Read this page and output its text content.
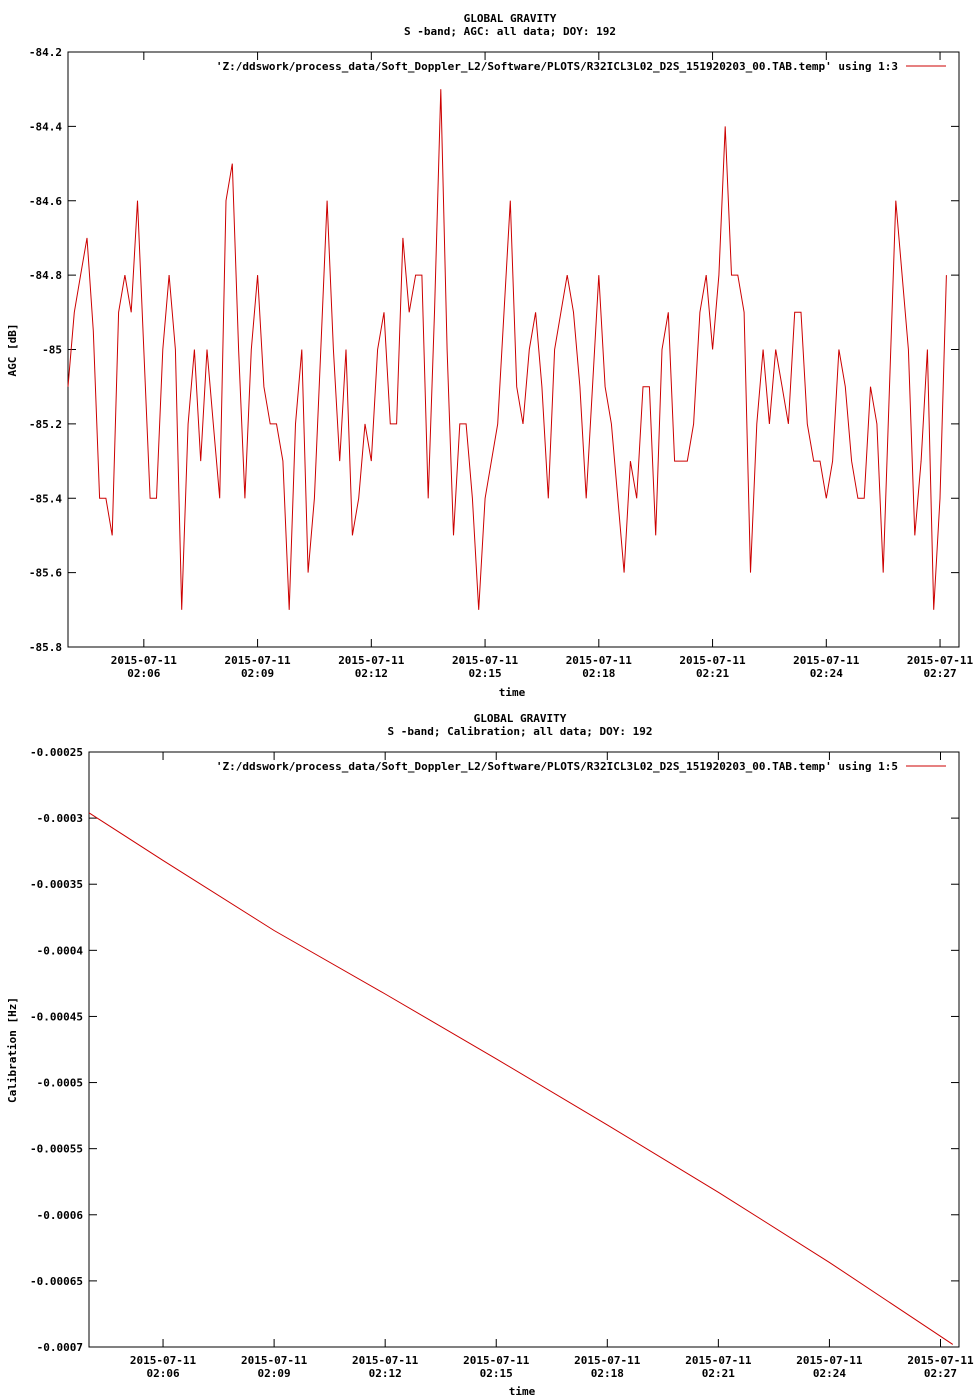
GLOBAL GRAVITY
S -band; AGC: all data; DOY: 192
-84.2
-84.4
-84.6
-84.8
-85
-85.2
-85.4
-85.6
-85.8
2015-07-11
02:06
2015-07-11
02:09
2015-07-11
02:12
2015-07-11
02:15
2015-07-11
02:18
2015-07-11
02:21
2015-07-11
02:24
2015-07-11
02:27
AGC [dB]
time
'Z:/ddswork/process_data/Soft_Doppler_L2/Software/PLOTS/R32ICL3L02_D2S_151920203_00.TAB.temp' using 1:3
GLOBAL GRAVITY
S -band; Calibration; all data; DOY: 192
-0.00025
-0.0003
-0.00035
-0.0004
-0.00045
-0.0005
-0.00055
-0.0006
-0.00065
-0.0007
2015-07-11
02:06
2015-07-11
02:09
2015-07-11
02:12
2015-07-11
02:15
2015-07-11
02:18
2015-07-11
02:21
2015-07-11
02:24
2015-07-11
02:27
Calibration [Hz]
time
'Z:/ddswork/process_data/Soft_Doppler_L2/Software/PLOTS/R32ICL3L02_D2S_151920203_00.TAB.temp' using 1:5
